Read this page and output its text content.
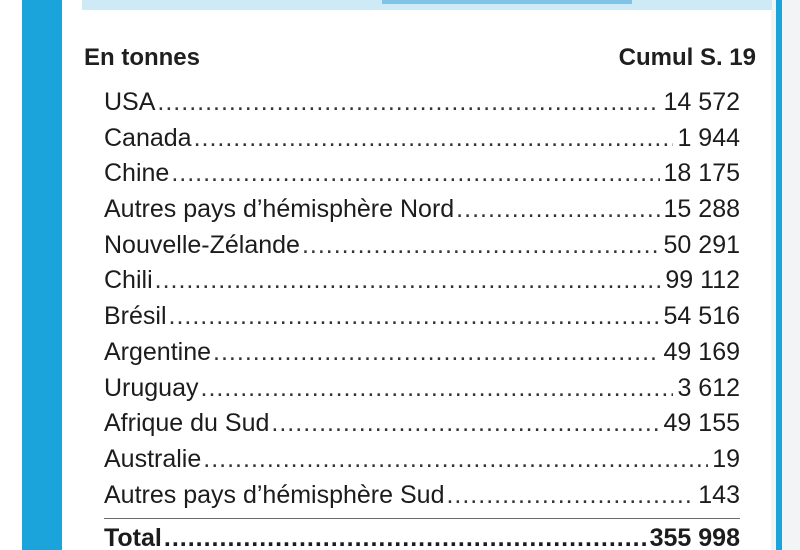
En tonnes	Cumul S. 19
USA .....	14 572
Canada .....	1 944
Chine .....	18 175
Autres pays d’hémisphère Nord .....	15 288
Nouvelle-Zélande .....	50 291
Chili .....	99 112
Brésil .....	54 516
Argentine .....	49 169
Uruguay .....	3 612
Afrique du Sud .....	49 155
Australie .....	19
Autres pays d’hémisphère Sud .....	143
Total .....	355 998
